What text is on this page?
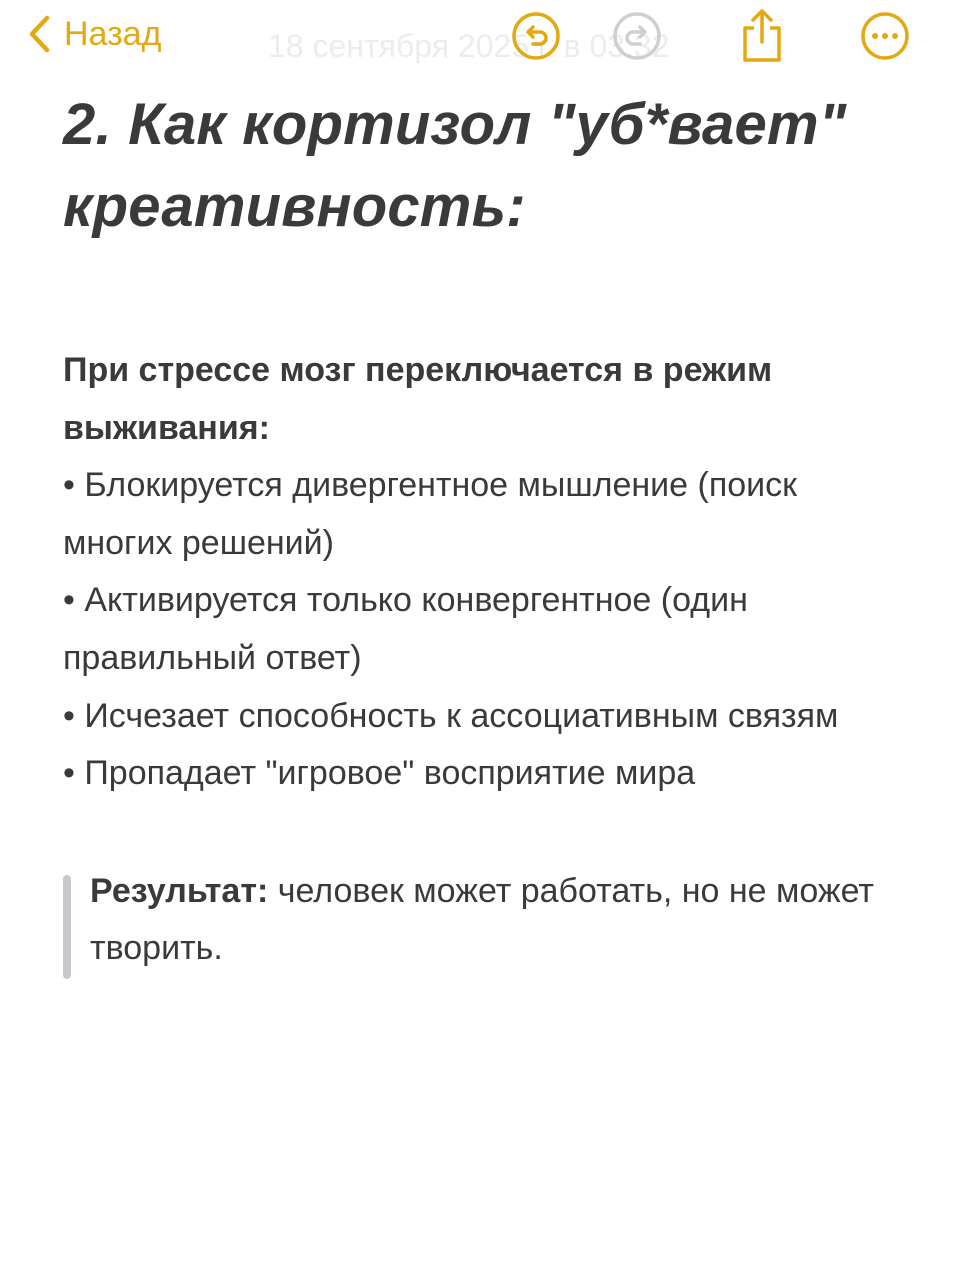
18 сентября 2025 г. в 03:32
Назад
2. Как кортизол "уб*вает" креативность:
При стрессе мозг переключается в режим выживания:
• Блокируется дивергентное мышление (поиск многих решений)
• Активируется только конвергентное (один правильный ответ)
• Исчезает способность к ассоциативным связям
• Пропадает "игровое" восприятие мира
Результат: человек может работать, но не может творить.
